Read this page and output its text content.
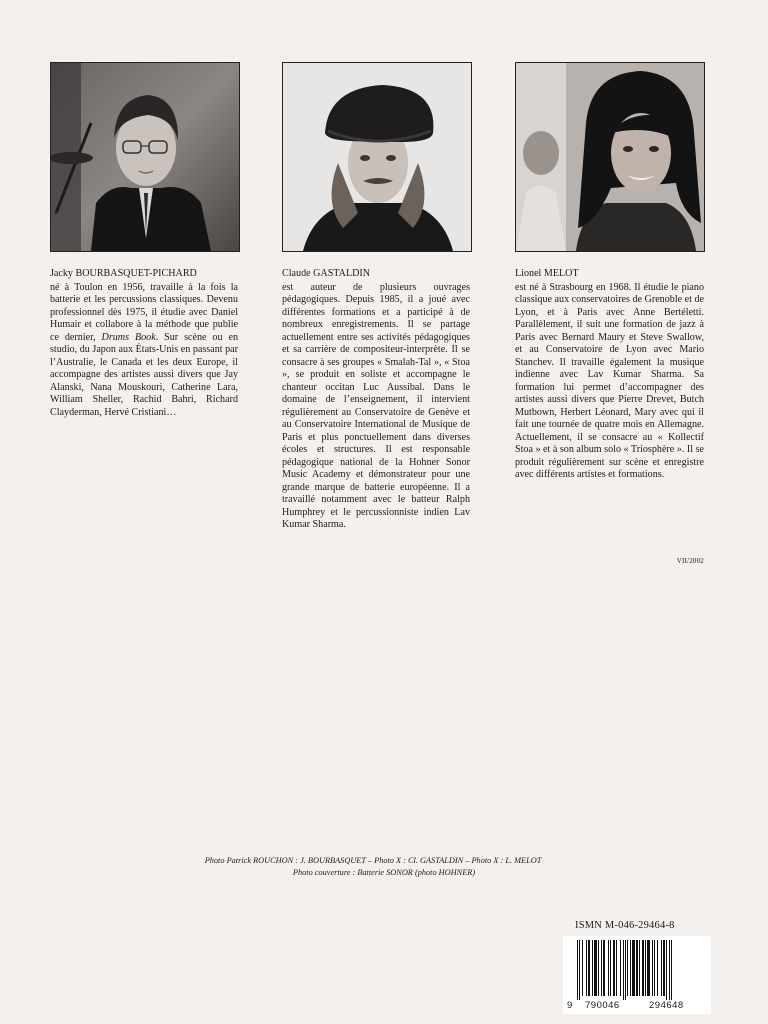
Jacky BOURBASQUET-PICHARD

né à Toulon en 1956, travaille à la fois la batterie et les percussions classiques. Devenu professionnel dès 1975, il étudie avec Daniel Humair et collabore à la méthode que publie ce dernier, Drums Book. Sur scène ou en studio, du Japon aux États-Unis en passant par l’Australie, le Canada et les deux Europe, il accompagne des artistes aussi divers que Jay Alanski, Nana Mouskouri, Catherine Lara, William Sheller, Rachid Bahri, Richard Clayderman, Hervé Cristiani…

Claude GASTALDIN

est auteur de plusieurs ouvrages pédagogiques. Depuis 1985, il a joué avec différentes formations et a participé à de nombreux enregistrements. Il se partage actuellement entre ses activités pédagogiques et sa carrière de compositeur-interprète. Il se consacre à ses groupes « Smalah-Tal », « Stoa », se produit en soliste et accompagne le chanteur occitan Luc Aussibal. Dans le domaine de l’enseignement, il intervient régulièrement au Conservatoire de Genève et au Conservatoire International de Musique de Paris et plus ponctuellement dans diverses écoles et structures. Il est responsable pédagogique national de la Hohner Sonor Music Academy et démonstrateur pour une grande marque de batterie européenne. Il a travaillé notamment avec le batteur Ralph Humphrey et le percussionniste indien Lav Kumar Sharma.

Lionel MELOT

est né à Strasbourg en 1968. Il étudie le piano classique aux conservatoires de Grenoble et de Lyon, et à Paris avec Anne Bertéletti. Parallèlement, il suit une formation de jazz à Paris avec Bernard Maury et Steve Swallow, et au Conservatoire de Lyon avec Mario Stanchev. Il travaille également la musique indienne avec Lav Kumar Sharma. Sa formation lui permet d’accompagner des artistes aussi divers que Pierre Drevet, Butch Mutbown, Herbert Léonard, Mary avec qui il fait une tournée de quatre mois en Allemagne. Actuellement, il se consacre au « Kollectif Stoa » et à son album solo « Triosphère ». Il se produit régulièrement sur scène et enregistre avec différents artistes et formations.

VII/2002
Photo Patrick ROUCHON : J. BOURBASQUET – Photo X : Cl. GASTALDIN – Photo X : L. MELOT
Photo couverture : Batterie SONOR (photo HOHNER)
ISMN M-046-29464-8
9 790046	294648
